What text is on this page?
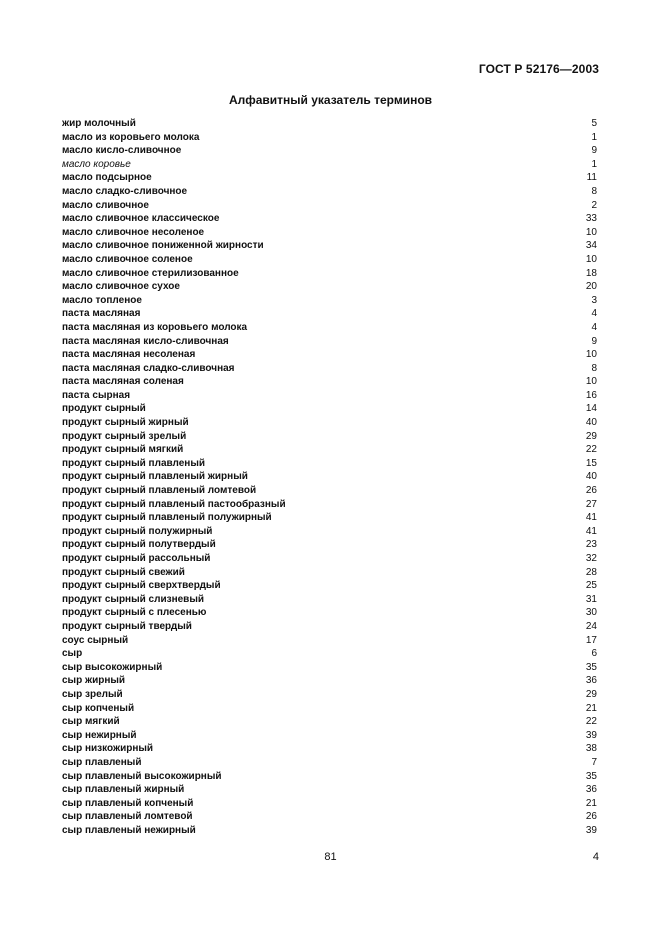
ГОСТ Р 52176—2003
Алфавитный указатель терминов
жир молочный	5
масло из коровьего молока	1
масло кисло-сливочное	9
масло коровье	1
масло подсырное	11
масло сладко-сливочное	8
масло сливочное	2
масло сливочное классическое	33
масло сливочное несоленое	10
масло сливочное пониженной жирности	34
масло сливочное соленое	10
масло сливочное стерилизованное	18
масло сливочное сухое	20
масло топленое	3
паста масляная	4
паста масляная из коровьего молока	4
паста масляная кисло-сливочная	9
паста масляная несоленая	10
паста масляная сладко-сливочная	8
паста масляная соленая	10
паста сырная	16
продукт сырный	14
продукт сырный жирный	40
продукт сырный зрелый	29
продукт сырный мягкий	22
продукт сырный плавленый	15
продукт сырный плавленый жирный	40
продукт сырный плавленый ломтевой	26
продукт сырный плавленый пастообразный	27
продукт сырный плавленый полужирный	41
продукт сырный полужирный	41
продукт сырный полутвердый	23
продукт сырный рассольный	32
продукт сырный свежий	28
продукт сырный сверхтвердый	25
продукт сырный слизневый	31
продукт сырный с плесенью	30
продукт сырный твердый	24
соус сырный	17
сыр	6
сыр высокожирный	35
сыр жирный	36
сыр зрелый	29
сыр копченый	21
сыр мягкий	22
сыр нежирный	39
сыр низкожирный	38
сыр плавленый	7
сыр плавленый высокожирный	35
сыр плавленый жирный	36
сыр плавленый копченый	21
сыр плавленый ломтевой	26
сыр плавленый нежирный	39
81	4
